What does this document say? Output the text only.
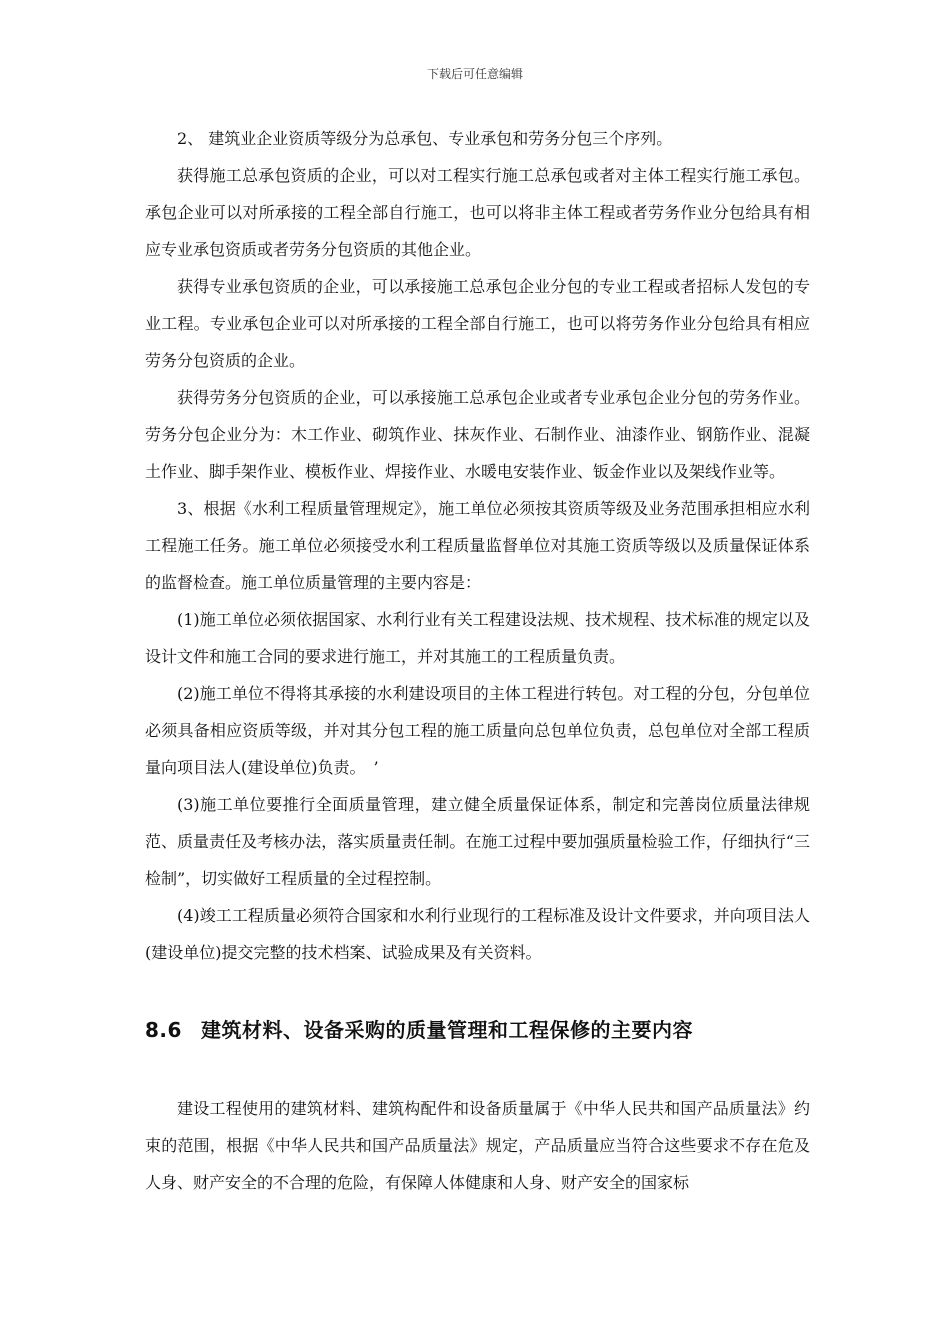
下载后可任意编辑

2、 建筑业企业资质等级分为总承包、专业承包和劳务分包三个序列。

获得施工总承包资质的企业，可以对工程实行施工总承包或者对主体工程实行施工承包。承包企业可以对所承接的工程全部自行施工，也可以将非主体工程或者劳务作业分包给具有相应专业承包资质或者劳务分包资质的其他企业。

获得专业承包资质的企业，可以承接施工总承包企业分包的专业工程或者招标人发包的专业工程。专业承包企业可以对所承接的工程全部自行施工，也可以将劳务作业分包给具有相应劳务分包资质的企业。

获得劳务分包资质的企业，可以承接施工总承包企业或者专业承包企业分包的劳务作业。劳务分包企业分为：木工作业、砌筑作业、抹灰作业、石制作业、油漆作业、钢筋作业、混凝土作业、脚手架作业、模板作业、焊接作业、水暖电安装作业、钣金作业以及架线作业等。

3、根据《水利工程质量管理规定》，施工单位必须按其资质等级及业务范围承担相应水利工程施工任务。施工单位必须接受水利工程质量监督单位对其施工资质等级以及质量保证体系的监督检查。施工单位质量管理的主要内容是：

(1)施工单位必须依据国家、水利行业有关工程建设法规、技术规程、技术标准的规定以及设计文件和施工合同的要求进行施工，并对其施工的工程质量负责。

(2)施工单位不得将其承接的水利建设项目的主体工程进行转包。对工程的分包，分包单位必须具备相应资质等级，并对其分包工程的施工质量向总包单位负责，总包单位对全部工程质量向项目法人(建设单位)负责。　’

(3)施工单位要推行全面质量管理，建立健全质量保证体系，制定和完善岗位质量法律规范、质量责任及考核办法，落实质量责任制。在施工过程中要加强质量检验工作，仔细执行“三检制”，切实做好工程质量的全过程控制。

(4)竣工工程质量必须符合国家和水利行业现行的工程标准及设计文件要求，并向项目法人(建设单位)提交完整的技术档案、试验成果及有关资料。

8.6 建筑材料、设备采购的质量管理和工程保修的主要内容

建设工程使用的建筑材料、建筑构配件和设备质量属于《中华人民共和国产品质量法》约束的范围，根据《中华人民共和国产品质量法》规定，产品质量应当符合这些要求不存在危及人身、财产安全的不合理的危险，有保障人体健康和人身、财产安全的国家标
